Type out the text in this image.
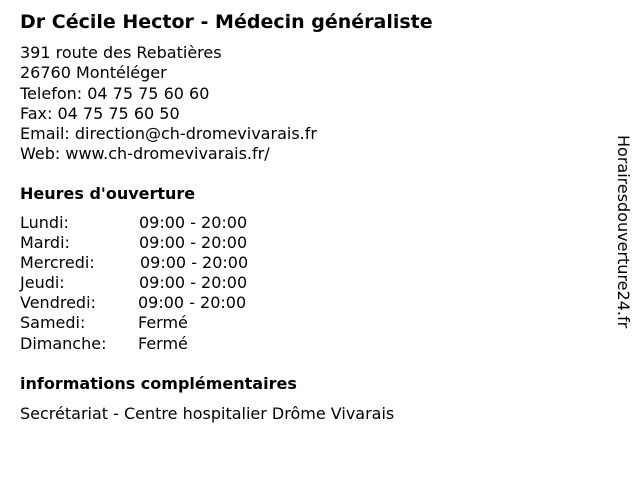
Dr Cécile Hector - Médecin généraliste
391 route des Rebatières
26760 Montéléger
Telefon: 04 75 75 60 60
Fax: 04 75 75 60 50
Email: direction@ch-dromevivarais.fr
Web: www.ch-dromevivarais.fr/
Heures d'ouverture
Lundi:	09:00 - 20:00
Mardi:	09:00 - 20:00
Mercredi:	09:00 - 20:00
Jeudi:	09:00 - 20:00
Vendredi:	09:00 - 20:00
Samedi:	Fermé
Dimanche: Fermé
informations complémentaires
Secrétariat - Centre hospitalier Drôme Vivarais
Horairesdouverture24.fr
